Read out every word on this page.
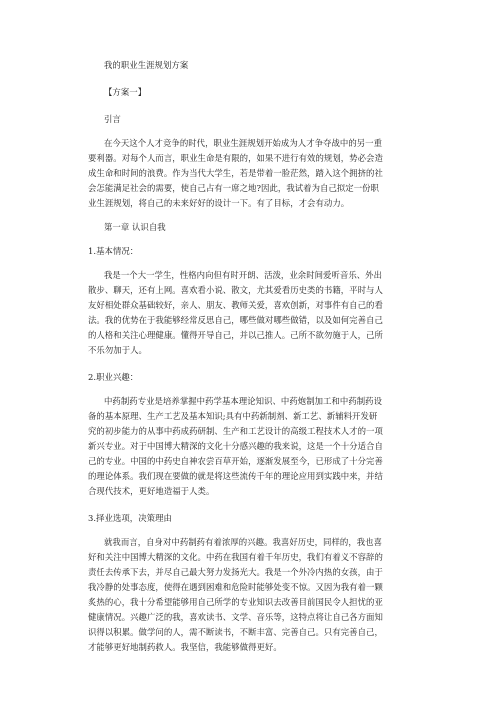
我的职业生涯规划方案
【方案一】
引言

在今天这个人才竞争的时代，职业生涯规划开始成为人才争夺战中的另一重
要利器。对每个人而言，职业生命是有限的，如果不进行有效的规划，势必会造
成生命和时间的浪费。作为当代大学生，若是带着一脸茫然，踏入这个拥挤的社
会怎能满足社会的需要，使自己占有一席之地?因此，我试着为自己拟定一份职
业生涯规划，将自己的未来好好的设计一下。有了目标，才会有动力。

第一章 认识自我
1.基本情况：

我是一个大一学生，性格内向但有时开朗、活泼，业余时间爱听音乐、外出
散步、聊天，还有上网。喜欢看小说、散文，尤其爱看历史类的书籍，平时与人
友好相处群众基础较好，亲人、朋友、教师关爱，喜欢创新，对事件有自己的看
法。我的优势在于我能够经常反思自己，哪些做对哪些做错，以及如何完善自己
的人格和关注心理健康。懂得开导自己，并以己推人。己所不欲勿施于人，己所
不乐勿加于人。

2.职业兴趣：

中药制药专业是培养掌握中药学基本理论知识、中药炮制加工和中药制药设
备的基本原理、生产工艺及基本知识;具有中药新制剂、新工艺、新辅料开发研
究的初步能力的从事中药成药研制、生产和工艺设计的高级工程技术人才的一项
新兴专业。对于中国博大精深的文化十分感兴趣的我来说，这是一个十分适合自
己的专业。中国的中药史自神农尝百草开始，逐渐发展至今，已形成了十分完善
的理论体系。我们现在要做的就是将这些流传千年的理论应用到实践中来，并结
合现代技术，更好地造福于人类。

3.择业选项，决策理由

就我而言，自身对中药制药有着浓厚的兴趣。我喜好历史，同样的，我也喜
好和关注中国博大精深的文化。中药在我国有着千年历史，我们有着义不容辞的
责任去传承下去，并尽自己最大努力发扬光大。我是一个外冷内热的女孩，由于
我冷静的处事态度，使得在遇到困难和危险时能够处变不惊。又因为我有着一颗
炙热的心，我十分希望能够用自己所学的专业知识去改善目前国民令人担忧的亚
健康情况。兴趣广泛的我，喜欢读书、文学、音乐等，这特点将让自己各方面知
识得以积累。做学问的人，需不断读书，不断丰富、完善自己。只有完善自己，
才能够更好地制药救人。我坚信，我能够做得更好。
